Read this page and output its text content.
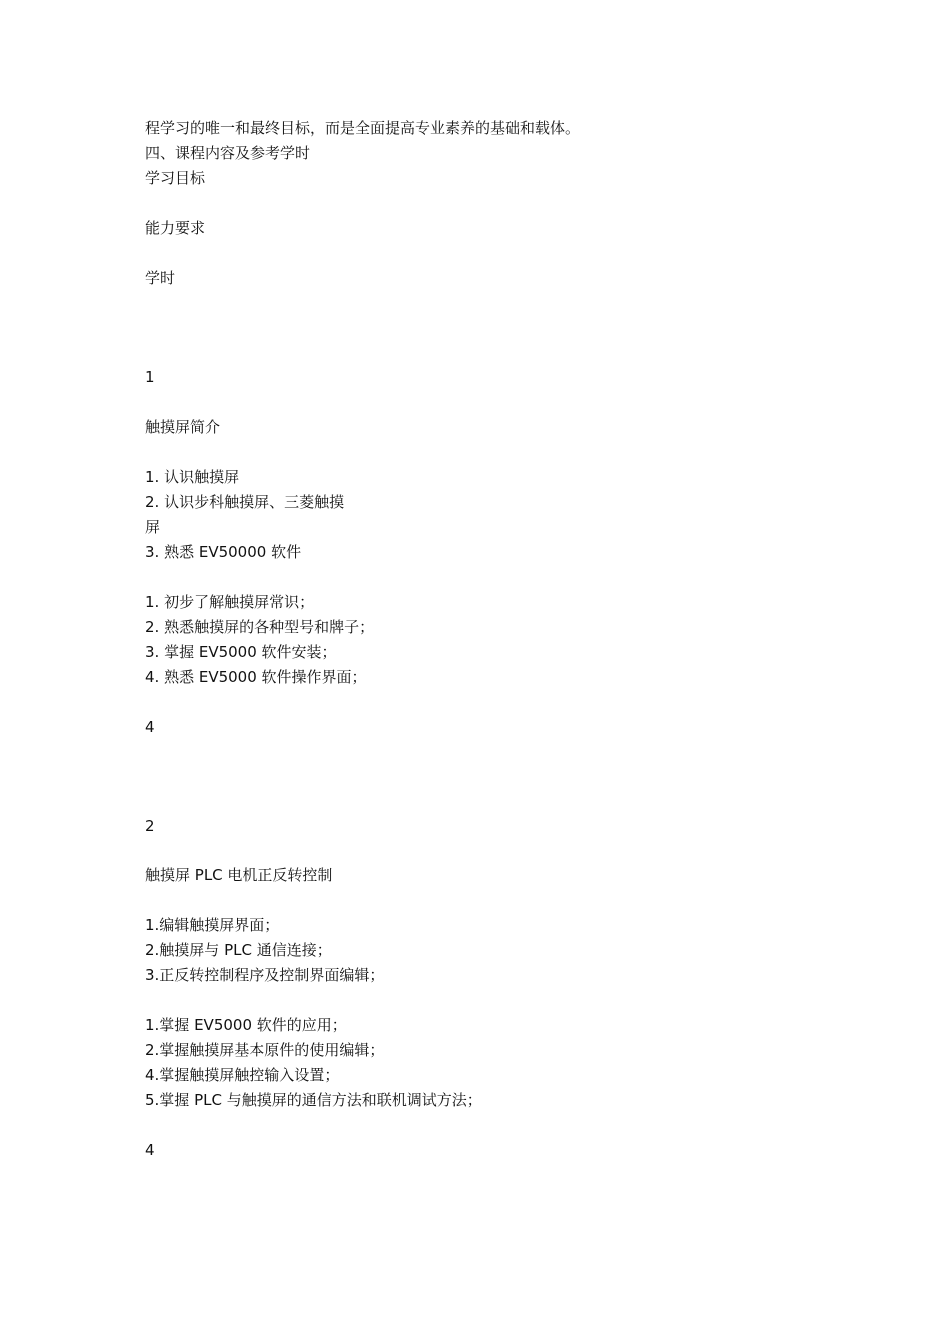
程学习的唯一和最终目标，而是全面提高专业素养的基础和载体。
四、课程内容及参考学时
学习目标
能力要求
学时
1
触摸屏简介
1. 认识触摸屏
2. 认识步科触摸屏、三菱触摸
屏
3. 熟悉 EV50000 软件
1. 初步了解触摸屏常识；
2. 熟悉触摸屏的各种型号和牌子；
3. 掌握 EV5000 软件安装；
4. 熟悉 EV5000 软件操作界面；
4
2
触摸屏 PLC 电机正反转控制
1.编辑触摸屏界面；
2.触摸屏与 PLC 通信连接；
3.正反转控制程序及控制界面编辑；
1.掌握 EV5000 软件的应用；
2.掌握触摸屏基本原件的使用编辑；
4.掌握触摸屏触控输入设置；
5.掌握 PLC 与触摸屏的通信方法和联机调试方法；
4
